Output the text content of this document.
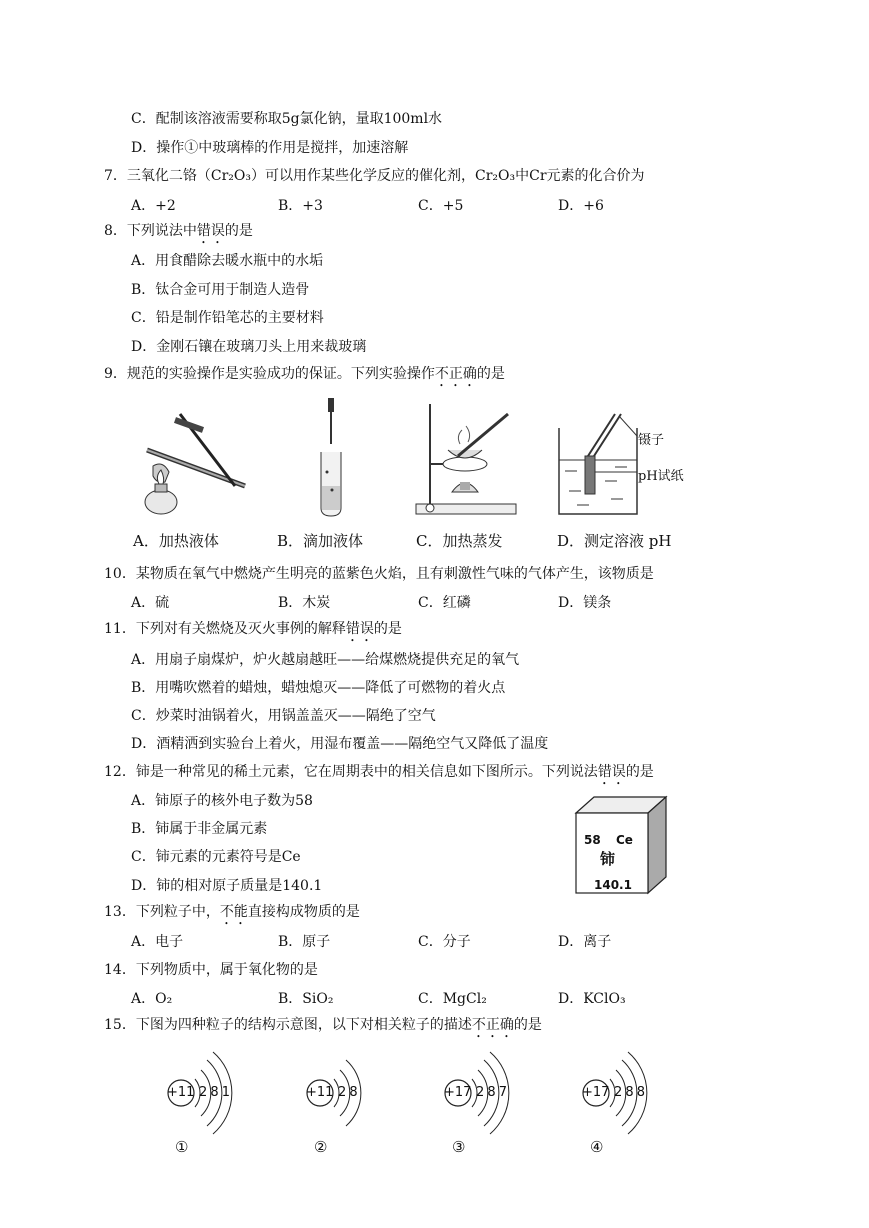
C．配制该溶液需要称取5g氯化钠，量取100ml水
D．操作①中玻璃棒的作用是搅拌，加速溶解
7．三氧化二铬（Cr₂O₃）可以用作某些化学反应的催化剂，Cr₂O₃中Cr元素的化合价为
A．+2	B．+3	C．+5	D．+6
8．下列说法中错误的是
A．用食醋除去暖水瓶中的水垢
B．钛合金可用于制造人造骨
C．铅是制作铅笔芯的主要材料
D．金刚石镶在玻璃刀头上用来裁玻璃
9．规范的实验操作是实验成功的保证。下列实验操作不正确的是
镊子
pH试纸
A．加热液体	B．滴加液体	C．加热蒸发	D．测定溶液 pH
10．某物质在氧气中燃烧产生明亮的蓝紫色火焰，且有刺激性气味的气体产生，该物质是
A．硫	B．木炭	C．红磷	D．镁条
11．下列对有关燃烧及灭火事例的解释错误的是
A．用扇子扇煤炉，炉火越扇越旺——给煤燃烧提供充足的氧气
B．用嘴吹燃着的蜡烛，蜡烛熄灭——降低了可燃物的着火点
C．炒菜时油锅着火，用锅盖盖灭——隔绝了空气
D．酒精洒到实验台上着火，用湿布覆盖——隔绝空气又降低了温度
12．铈是一种常见的稀土元素，它在周期表中的相关信息如下图所示。下列说法错误的是
A．铈原子的核外电子数为58
B．铈属于非金属元素
C．铈元素的元素符号是Ce
D．铈的相对原子质量是140.1
58 Ce
铈
140.1
13．下列粒子中，不能直接构成物质的是
A．电子	B．原子	C．分子	D．离子
14．下列物质中，属于氧化物的是
A．O₂	B．SiO₂	C．MgCl₂	D．KClO₃
15．下图为四种粒子的结构示意图，以下对相关粒子的描述不正确的是
+11 2 8 1
①
+11 2 8
②
+17 2 8 7
③
+17 2 8 8
④
